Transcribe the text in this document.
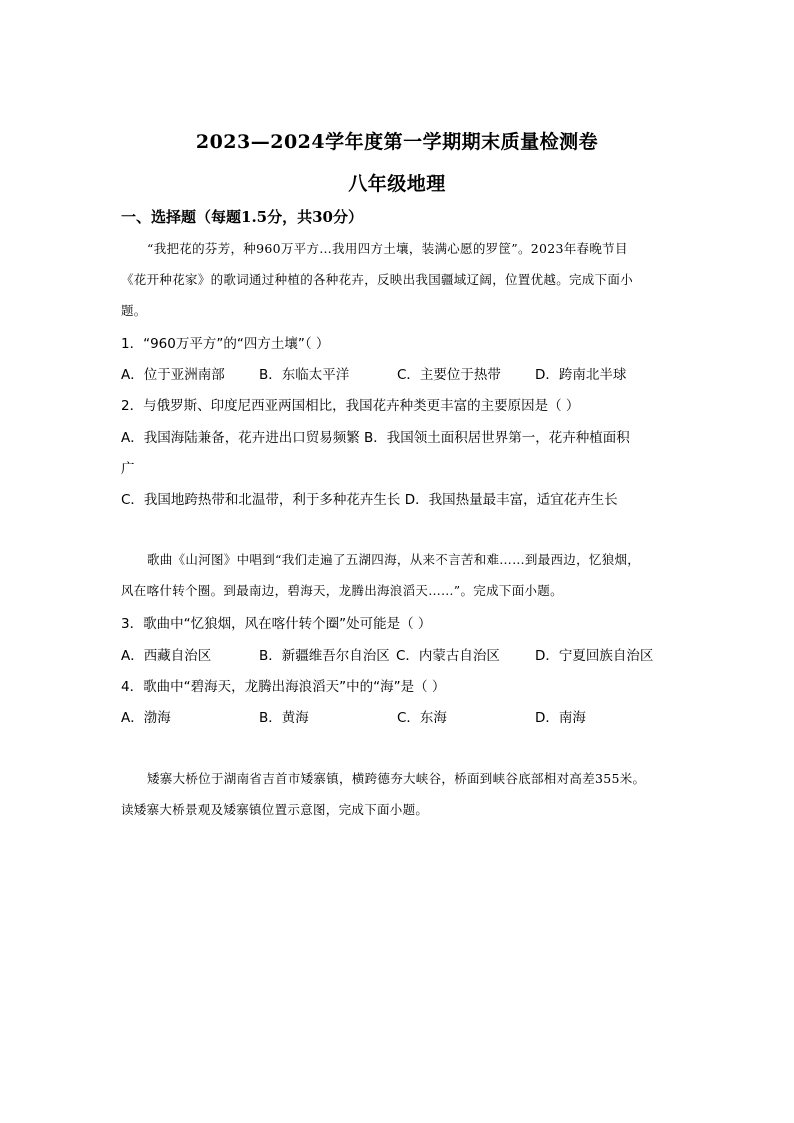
2023—2024学年度第一学期期末质量检测卷
八年级地理
一、选择题（每题1.5分，共30分）
“我把花的芬芳，种960万平方…我用四方土壤，装满心愿的罗筐”。2023年春晚节目
《花开种花家》的歌词通过种植的各种花卉，反映出我国疆域辽阔，位置优越。完成下面小
题。
1．“960万平方”的“四方土壤”（ ）
A．位于亚洲南部	B．东临太平洋	C．主要位于热带	D．跨南北半球
2．与俄罗斯、印度尼西亚两国相比，我国花卉种类更丰富的主要原因是（ ）
A．我国海陆兼备，花卉进出口贸易频繁 B．我国领土面积居世界第一，花卉种植面积
广
C．我国地跨热带和北温带，利于多种花卉生长 D．我国热量最丰富，适宜花卉生长
歌曲《山河图》中唱到“我们走遍了五湖四海，从来不言苦和难……到最西边，忆狼烟，
风在喀什转个圈。到最南边，碧海天，龙腾出海浪滔天……”。完成下面小题。
3．歌曲中“忆狼烟，风在喀什转个圈”处可能是（ ）
A．西藏自治区	B．新疆维吾尔自治区 C．内蒙古自治区	D．宁夏回族自治区
4．歌曲中“碧海天，龙腾出海浪滔天”中的“海”是（ ）
A．渤海	B．黄海	C．东海	D．南海
矮寨大桥位于湖南省吉首市矮寨镇，横跨德夯大峡谷，桥面到峡谷底部相对高差355米。
读矮寨大桥景观及矮寨镇位置示意图，完成下面小题。
